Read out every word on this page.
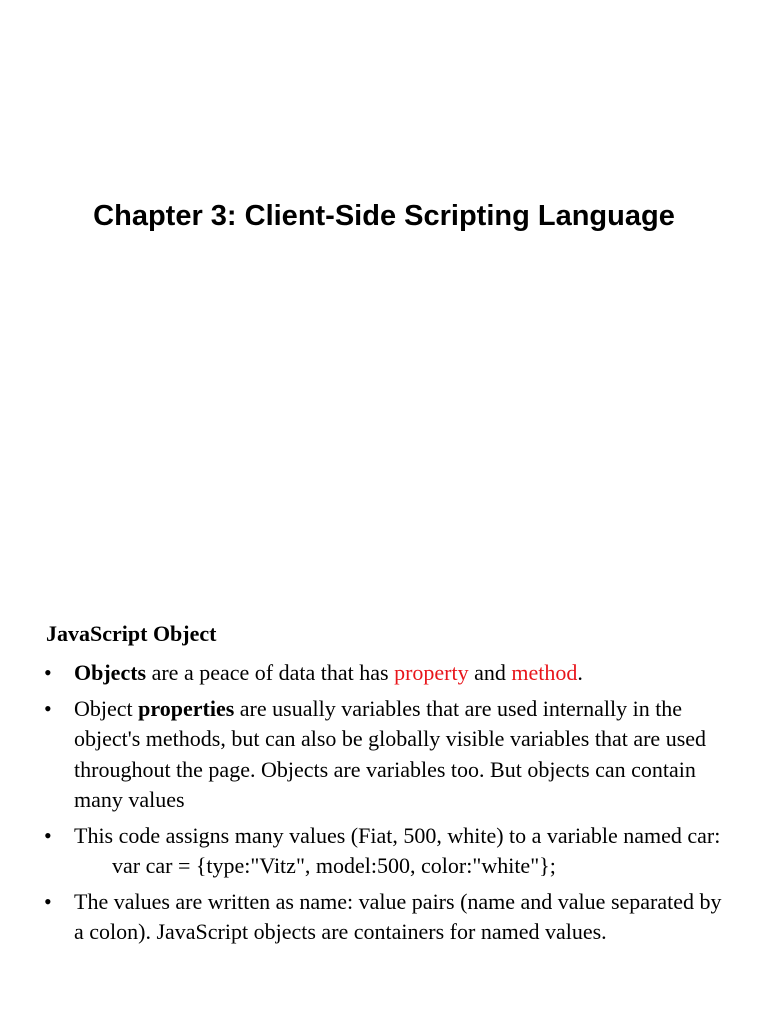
Chapter 3: Client-Side Scripting Language
JavaScript Object
• Objects are a peace of data that has property and method.
• Object properties are usually variables that are used internally in the object's methods, but can also be globally visible variables that are used throughout the page. Objects are variables too. But objects can contain many values
• This code assigns many values (Fiat, 500, white) to a variable named car:
var car = {type:"Vitz", model:500, color:"white"};
• The values are written as name: value pairs (name and value separated by a colon). JavaScript objects are containers for named values.
